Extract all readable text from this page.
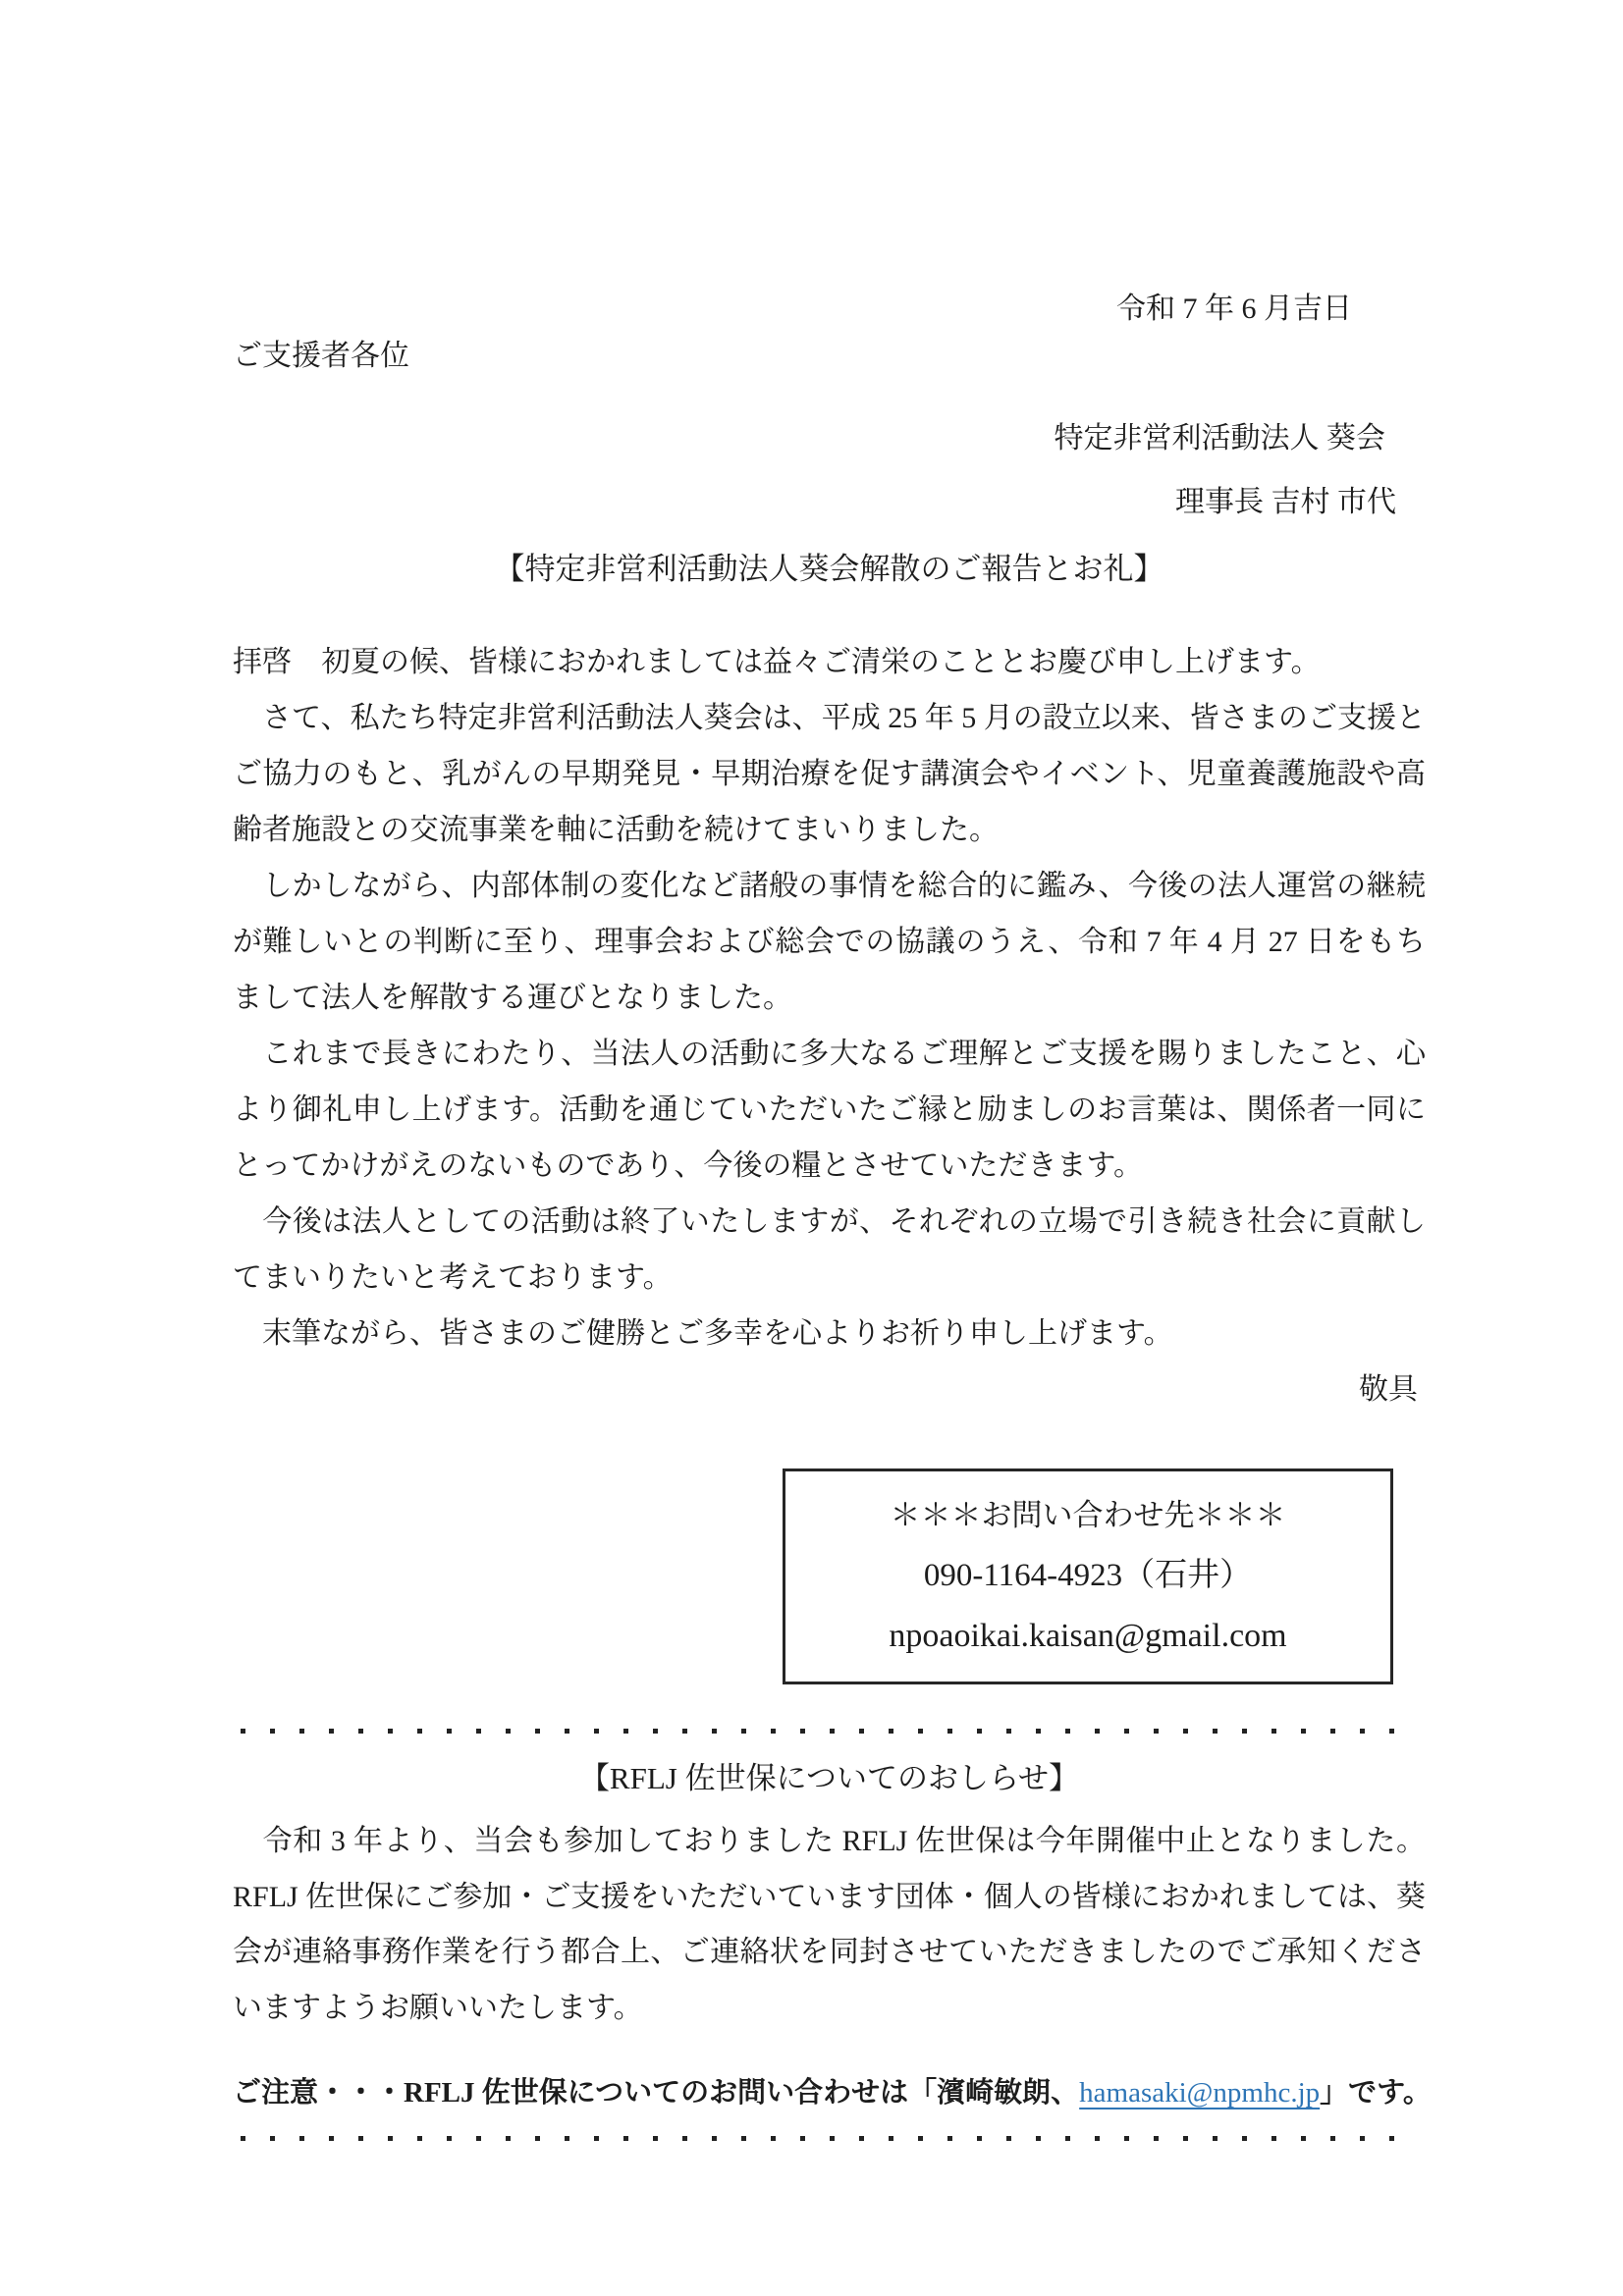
令和 7 年 6 月吉日
ご支援者各位
特定非営利活動法人 葵会
理事長 吉村 市代
【特定非営利活動法人葵会解散のご報告とお礼】

拝啓　初夏の候、皆様におかれましては益々ご清栄のこととお慶び申し上げます。

　さて、私たち特定非営利活動法人葵会は、平成 25 年 5 月の設立以来、皆さまのご支援とご協力のもと、乳がんの早期発見・早期治療を促す講演会やイベント、児童養護施設や高齢者施設との交流事業を軸に活動を続けてまいりました。

　しかしながら、内部体制の変化など諸般の事情を総合的に鑑み、今後の法人運営の継続が難しいとの判断に至り、理事会および総会での協議のうえ、令和 7 年 4 月 27 日をもちまして法人を解散する運びとなりました。

　これまで長きにわたり、当法人の活動に多大なるご理解とご支援を賜りましたこと、心より御礼申し上げます。活動を通じていただいたご縁と励ましのお言葉は、関係者一同にとってかけがえのないものであり、今後の糧とさせていただきます。

　今後は法人としての活動は終了いたしますが、それぞれの立場で引き続き社会に貢献してまいりたいと考えております。

　末筆ながら、皆さまのご健勝とご多幸を心よりお祈り申し上げます。

敬具
＊＊＊お問い合わせ先＊＊＊
090-1164-4923（石井）
npoaoikai.kaisan@gmail.com
【RFLJ 佐世保についてのおしらせ】

　令和 3 年より、当会も参加しておりました RFLJ 佐世保は今年開催中止となりました。RFLJ 佐世保にご参加・ご支援をいただいています団体・個人の皆様におかれましては、葵会が連絡事務作業を行う都合上、ご連絡状を同封させていただきましたのでご承知くださいますようお願いいたします。

ご注意・・・RFLJ 佐世保についてのお問い合わせは「濱崎敏朗、hamasaki@npmhc.jp」です。
